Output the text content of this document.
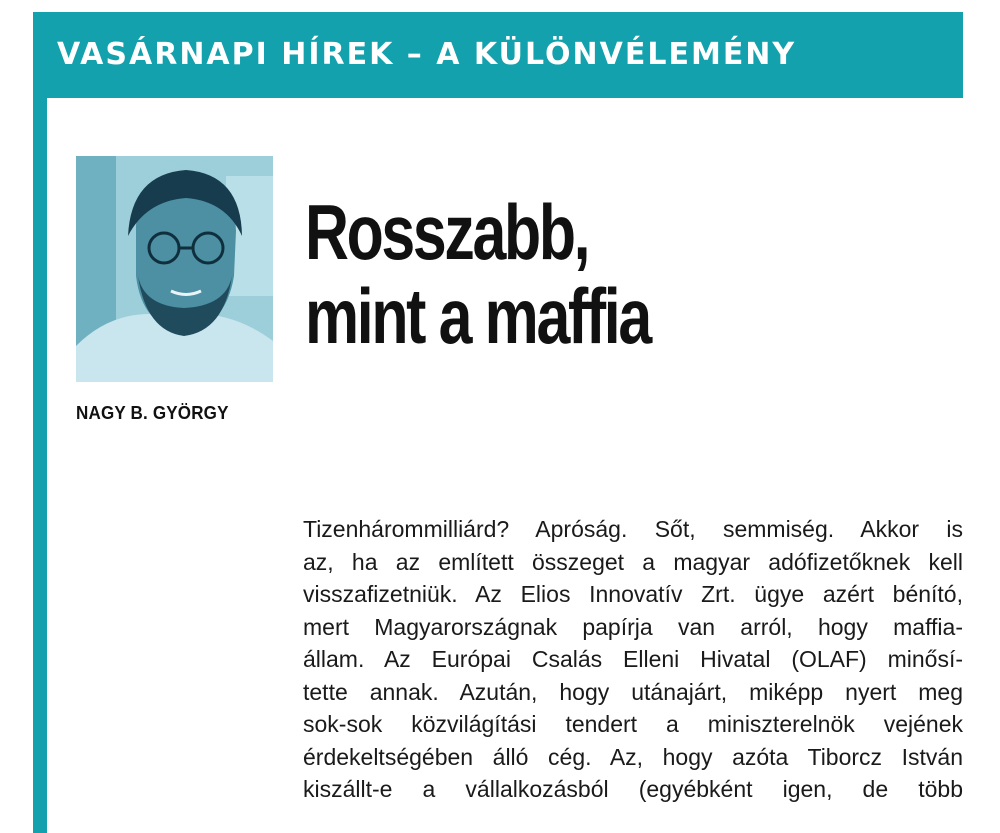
VASÁRNAPI HÍREK – A KÜLÖNVÉLEMÉNY
NAGY B. GYÖRGY
Rosszabb,
mint a maffia
Tizenhárommilliárd? Apróság. Sőt, semmiség. Akkor is
az, ha az említett összeget a magyar adófizetőknek kell
visszafizetniük. Az Elios Innovatív Zrt. ügye azért bénító,
mert Magyarországnak papírja van arról, hogy maffia-
állam. Az Európai Csalás Elleni Hivatal (OLAF) minősí-
tette annak. Azután, hogy utánajárt, miképp nyert meg
sok-sok közvilágítási tendert a miniszterelnök vejének
érdekeltségében álló cég. Az, hogy azóta Tiborcz István
kiszállt-e a vállalkozásból (egyébként igen, de több
